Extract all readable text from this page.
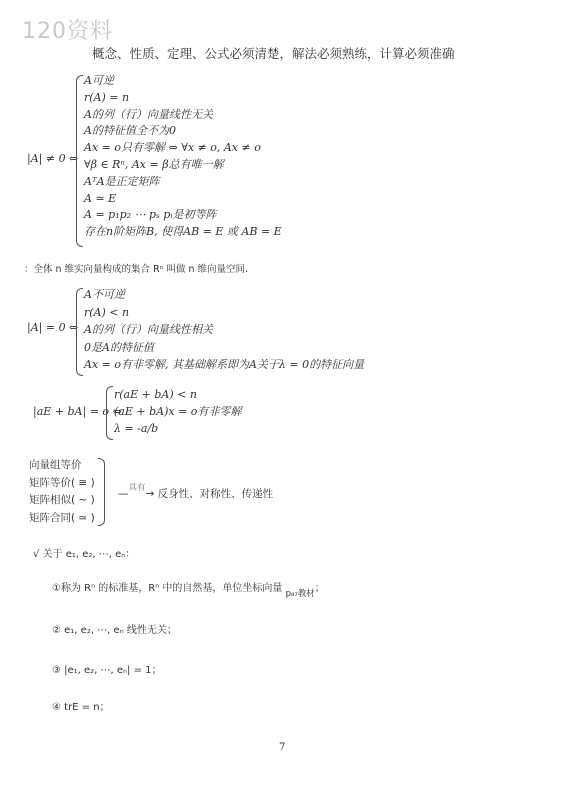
120资料
概念、性质、定理、公式必须清楚，解法必须熟练，计算必须准确
|A| ≠ 0 ⇔
A可逆
r(A) = n
A的列（行）向量线性无关
A的特征值全不为0
Ax = o只有零解 ⇔ ∀x ≠ o, Ax ≠ o
∀β ∈ Rⁿ, Ax = β总有唯一解
AᵀA是正定矩阵
A ≃ E
A = p₁p₂ ⋯ pₛ pᵢ是初等阵
存在n阶矩阵B, 使得AB = E 或 AB = E
：全体 n 维实向量构成的集合 Rⁿ 叫做 n 维向量空间.
|A| = 0 ⇔
A不可逆
r(A) < n
A的列（行）向量线性相关
0是A的特征值
Ax = o有非零解, 其基础解系即为A关于λ = 0的特征向量
|aE + bA| = o ⇔
r(aE + bA) < n
(aE + bA)x = o有非零解
λ = -a/b
向量组等价
矩阵等价( ≅ )
矩阵相似( ~ )
矩阵合同( ≃ )
—$^{具有}$→ 反身性、对称性、传递性
√ 关于 e₁, e₂, ⋯, eₙ：
①称为 Rⁿ 的标准基，Rⁿ 中的自然基，单位坐标向量 $_{p_{87}教材}$；
② e₁, e₂, ⋯, eₙ 线性无关；
③ |e₁, e₂, ⋯, eₙ| = 1；
④ trE = n；
7
